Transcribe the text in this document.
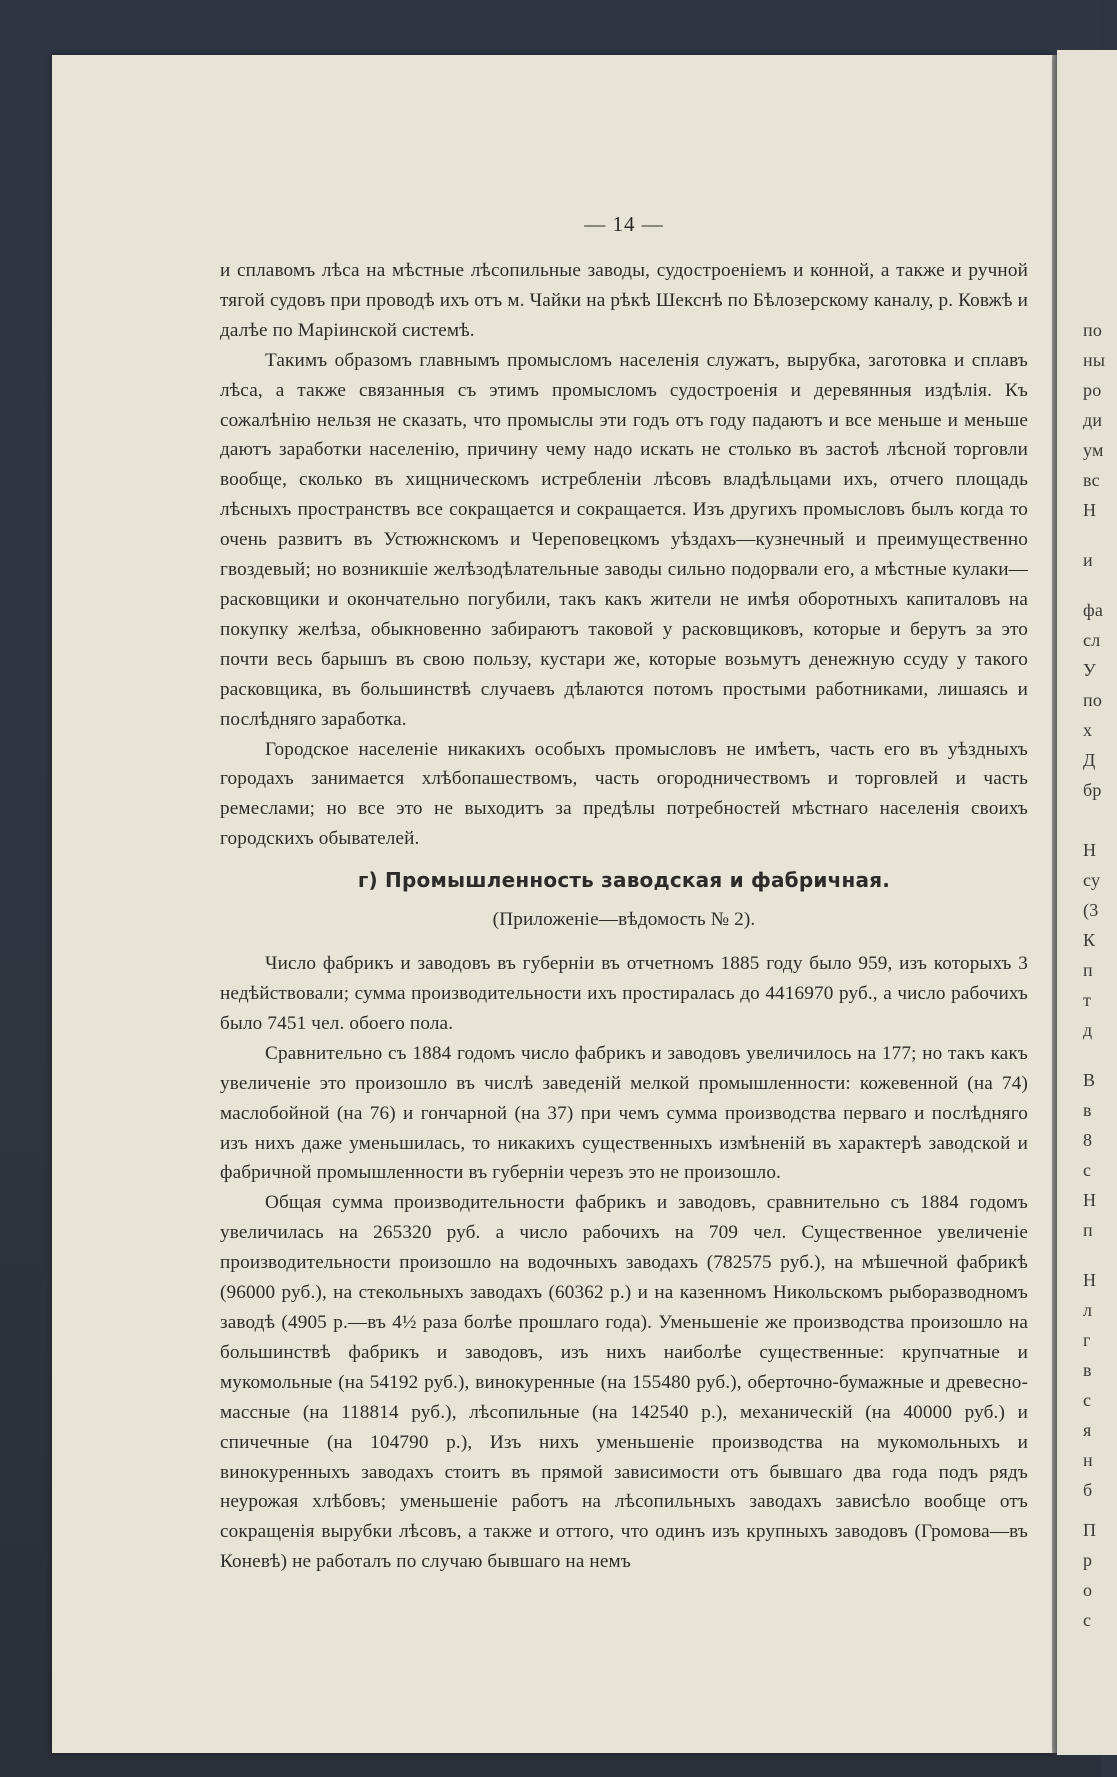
по
ны
ро
ди
ум
вс
Н
и
фа
сл
У
по
х
Д
бр
Н
су
(3
К
п
т
д
В
в
8
с
Н
п
Н
л
г
в
с
я
н
б
П
р
о
с
— 14 —

и сплавомъ лѣса на мѣстные лѣсопильные заводы, судостроеніемъ и конной, а также и ручной тягой судовъ при проводѣ ихъ отъ м. Чайки на рѣкѣ Шекснѣ по Бѣлозерскому каналу, р. Ковжѣ и далѣе по Маріинской системѣ.

Такимъ образомъ главнымъ промысломъ населенія служатъ, вырубка, заготовка и сплавъ лѣса, а также связанныя съ этимъ промысломъ судостроенія и деревянныя издѣлія. Къ сожалѣнію нельзя не сказать, что промыслы эти годъ отъ году падаютъ и все меньше и меньше даютъ заработки населенію, причину чему надо искать не столько въ застоѣ лѣсной торговли вообще, сколько въ хищническомъ истребленіи лѣсовъ владѣльцами ихъ, отчего площадь лѣсныхъ пространствъ все сокращается и сокращается. Изъ другихъ промысловъ былъ когда то очень развитъ въ Устюжнскомъ и Череповецкомъ уѣздахъ—кузнечный и преимущественно гвоздевый; но возникшіе желѣзодѣлательные заводы сильно подорвали его, а мѣстные кулаки—расковщики и окончательно погубили, такъ какъ жители не имѣя оборотныхъ капиталовъ на покупку желѣза, обыкновенно забираютъ таковой у расковщиковъ, которые и берутъ за это почти весь барышъ въ свою пользу, кустари же, которые возьмутъ денежную ссуду у такого расковщика, въ большинствѣ случаевъ дѣлаются потомъ простыми работниками, лишаясь и послѣдняго заработка.

Городское населеніе никакихъ особыхъ промысловъ не имѣетъ, часть его въ уѣздныхъ городахъ занимается хлѣбопашествомъ, часть огородничествомъ и торговлей и часть ремеслами; но все это не выходитъ за предѣлы потребностей мѣстнаго населенія своихъ городскихъ обывателей.

г) Промышленность заводская и фабричная.
(Приложеніе—вѣдомость № 2).

Число фабрикъ и заводовъ въ губерніи въ отчетномъ 1885 году было 959, изъ которыхъ 3 недѣйствовали; сумма производительности ихъ простиралась до 4416970 руб., а число рабочихъ было 7451 чел. обоего пола.

Сравнительно съ 1884 годомъ число фабрикъ и заводовъ увеличилось на 177; но такъ какъ увеличеніе это произошло въ числѣ заведеній мелкой промышленности: кожевенной (на 74) маслобойной (на 76) и гончарной (на 37) при чемъ сумма производства перваго и послѣдняго изъ нихъ даже уменьшилась, то никакихъ существенныхъ измѣненій въ характерѣ заводской и фабричной промышленности въ губерніи черезъ это не произошло.

Общая сумма производительности фабрикъ и заводовъ, сравнительно съ 1884 годомъ увеличилась на 265320 руб. а число рабочихъ на 709 чел. Существенное увеличеніе производительности произошло на водочныхъ заводахъ (782575 руб.), на мѣшечной фабрикѣ (96000 руб.), на стекольныхъ заводахъ (60362 р.) и на казенномъ Никольскомъ рыборазводномъ заводѣ (4905 р.—въ 4½ раза болѣе прошлаго года). Уменьшеніе же производства произошло на большинствѣ фабрикъ и заводовъ, изъ нихъ наиболѣе существенные: крупчатные и мукомольные (на 54192 руб.), винокуренные (на 155480 руб.), оберточно-бумажные и древесно-массные (на 118814 руб.), лѣсопильные (на 142540 р.), механическій (на 40000 руб.) и спичечные (на 104790 р.), Изъ нихъ уменьшеніе производства на мукомольныхъ и винокуренныхъ заводахъ стоитъ въ прямой зависимости отъ бывшаго два года подъ рядъ неурожая хлѣбовъ; уменьшеніе работъ на лѣсопильныхъ заводахъ зависѣло вообще отъ сокращенія вырубки лѣсовъ, а также и оттого, что одинъ изъ крупныхъ заводовъ (Громова—въ Коневѣ) не работалъ по случаю бывшаго на немъ
